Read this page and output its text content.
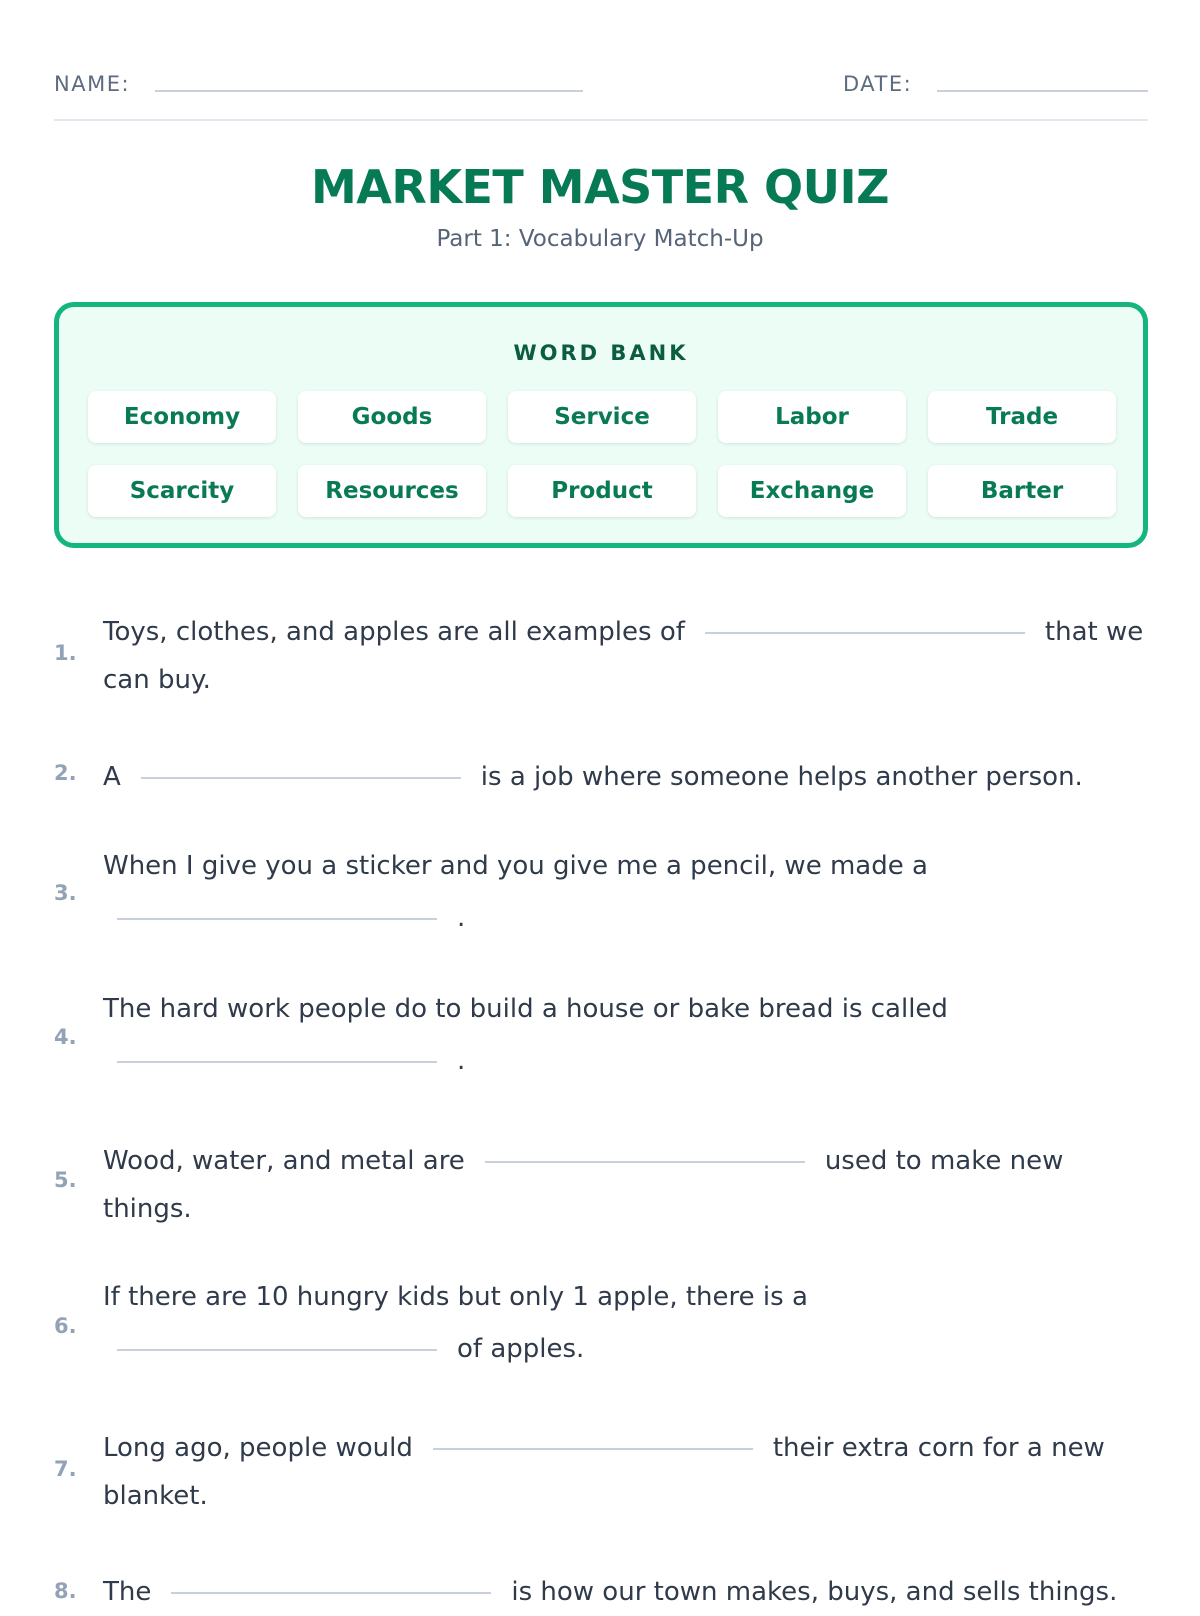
NAME:	DATE:
MARKET MASTER QUIZ
Part 1: Vocabulary Match-Up
WORD BANK
Economy	Goods	Service	Labor	Trade
Scarcity	Resources	Product	Exchange	Barter
1.
Toys, clothes, and apples are all examples of	that we can buy.
2. A	is a job where someone helps another person.
3.
When I give you a sticker and you give me a pencil, we made a
.
4.
The hard work people do to build a house or bake bread is called
.
5.
Wood, water, and metal are	used to make new things.
6.
If there are 10 hungry kids but only 1 apple, there is a
of apples.
7.
Long ago, people would	their extra corn for a new blanket.
8. The	is how our town makes, buys, and sells things.
